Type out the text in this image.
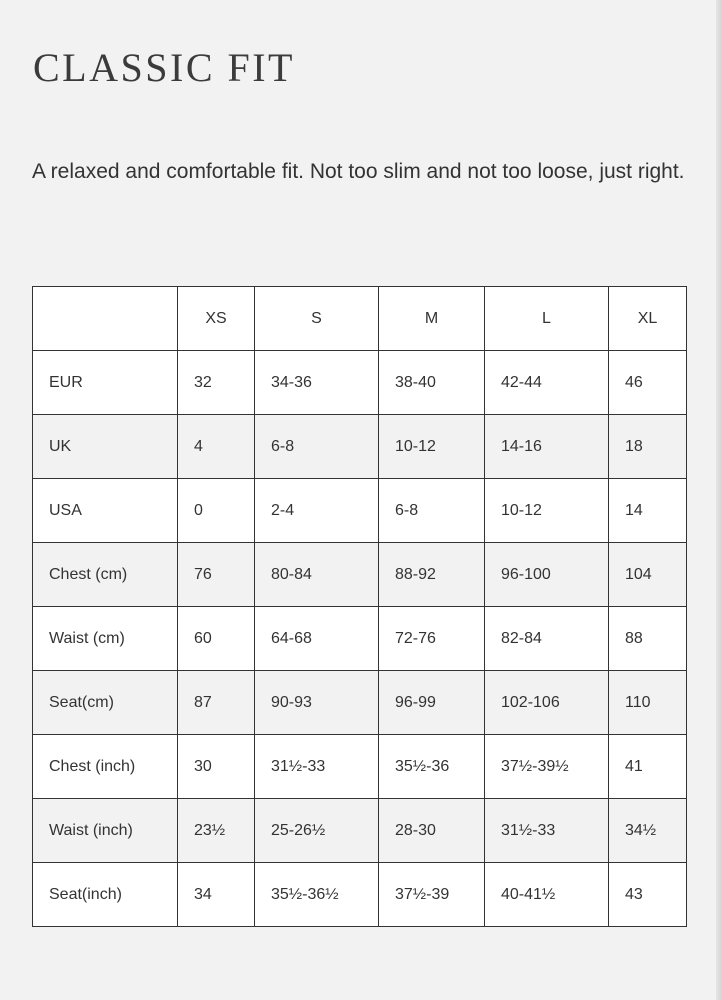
CLASSIC FIT

A relaxed and comfortable fit. Not too slim and not too loose, just right.

	XS	S	M	L	XL
EUR	32	34-36	38-40	42-44	46
UK	4	6-8	10-12	14-16	18
USA	0	2-4	6-8	10-12	14
Chest (cm)	76	80-84	88-92	96-100	104
Waist (cm)	60	64-68	72-76	82-84	88
Seat(cm)	87	90-93	96-99	102-106	110
Chest (inch)	30	31½-33	35½-36	37½-39½	41
Waist (inch)	23½	25-26½	28-30	31½-33	34½
Seat(inch)	34	35½-36½	37½-39	40-41½	43
